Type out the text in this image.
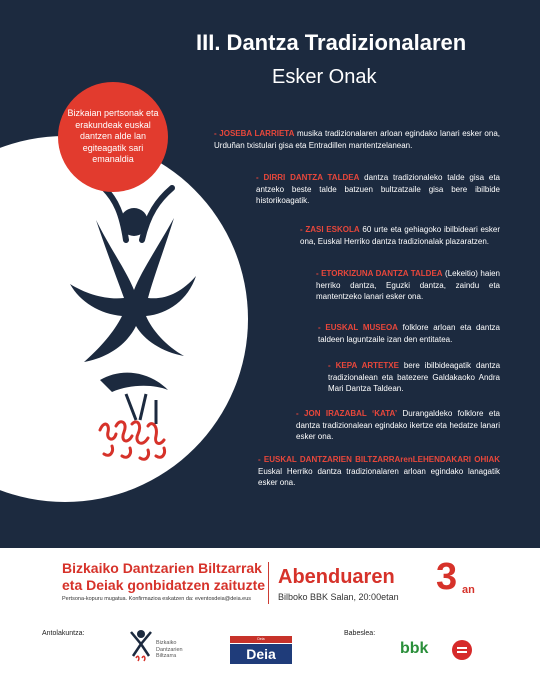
Bizkaian pertsonak eta erakundeak euskal dantzen alde lan egiteagatik sari emanaldia
III. Dantza Tradizionalaren
Esker Onak

- JOSEBA LARRIETA musika tradizionalaren arloan egindako lanari esker ona, Urduñan txistulari gisa eta Entradillen mantentzelanean.

- DIRRI DANTZA TALDEA dantza tradizionaleko talde gisa eta antzeko beste talde batzuen bultzatzaile gisa bere ibilbide historikoagatik.

- ZASI ESKOLA 60 urte eta gehiagoko ibilbideari esker ona, Euskal Herriko dantza tradizionalak plazaratzen.

- ETORKIZUNA DANTZA TALDEA (Lekeitio) haien herriko dantza, Eguzki dantza, zaindu eta mantentzeko lanari esker ona.

- EUSKAL MUSEOA folklore arloan eta dantza taldeen laguntzaile izan den entitatea.

- KEPA ARTETXE bere ibilbideagatik dantza tradizionalean eta batezere Galdakaoko Andra Mari Dantza Taldean.

- JON IRAZABAL ‘KATA’ Durangaldeko folklore eta dantza tradizionalean egindako ikertze eta hedatze lanari esker ona.

- EUSKAL DANTZARIEN BILTZARRArenLEHENDAKARI OHIAK Euskal Herriko dantza tradizionalaren arloan egindako lanagatik esker ona.

Bizkaiko Dantzarien Biltzarrak
eta Deiak gonbidatzen zaituzte
Pertsona-kopuru mugatua. Konfirmazioa eskatzen da: eventosdeia@deia.eus
Abenduaren 3 an
Bilboko BBK Salan, 20:00etan
Antolakuntza:
Bizkaiko Dantzarien Biltzarra
Deia
Deia
Babeslea:
bbk
